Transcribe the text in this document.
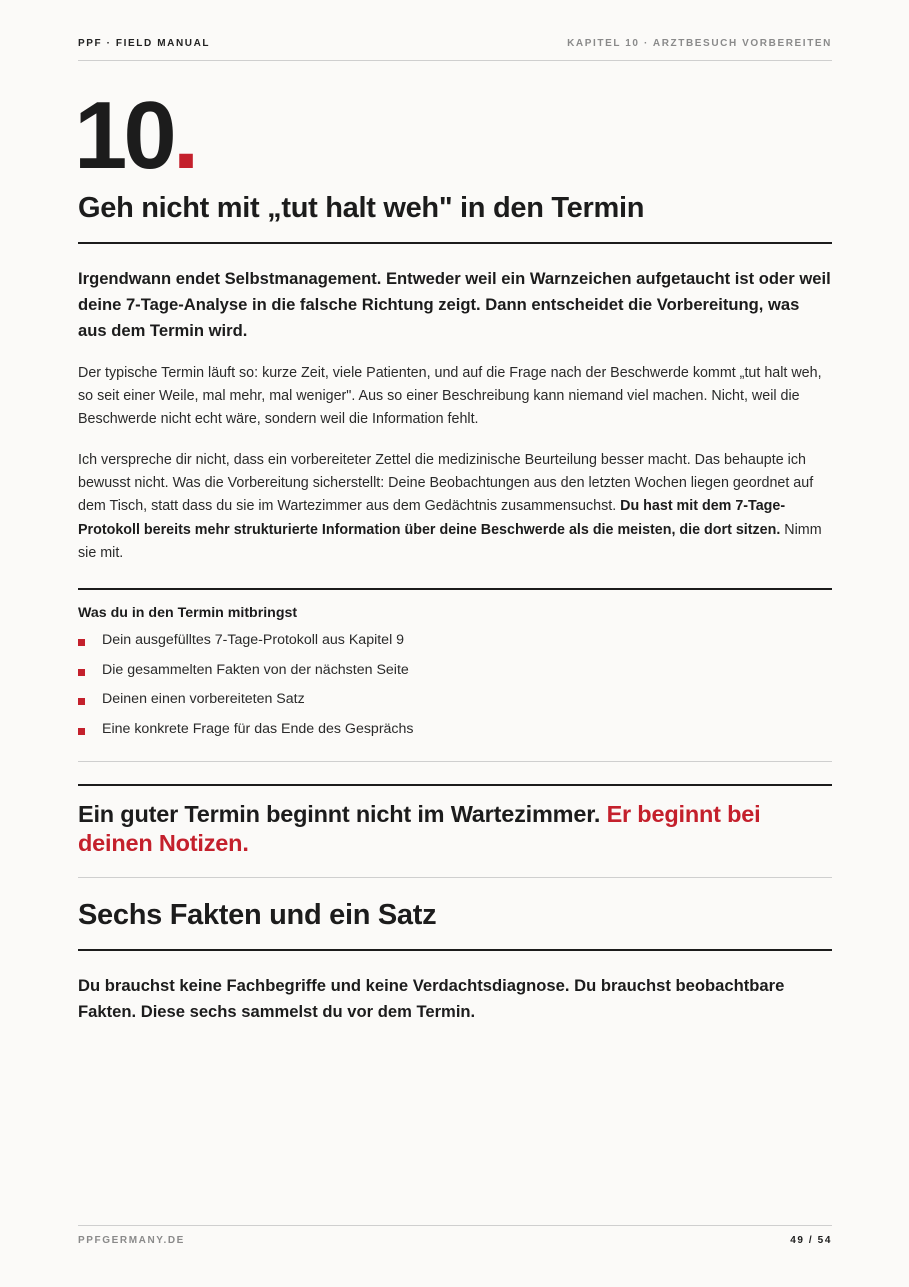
PPF · FIELD MANUAL	KAPITEL 10 · ARZTBESUCH VORBEREITEN
10.
Geh nicht mit „tut halt weh" in den Termin

Irgendwann endet Selbstmanagement. Entweder weil ein Warnzeichen aufgetaucht ist oder weil deine 7-Tage-Analyse in die falsche Richtung zeigt. Dann entscheidet die Vorbereitung, was aus dem Termin wird.

Der typische Termin läuft so: kurze Zeit, viele Patienten, und auf die Frage nach der Beschwerde kommt „tut halt weh, so seit einer Weile, mal mehr, mal weniger". Aus so einer Beschreibung kann niemand viel machen. Nicht, weil die Beschwerde nicht echt wäre, sondern weil die Information fehlt.

Ich verspreche dir nicht, dass ein vorbereiteter Zettel die medizinische Beurteilung besser macht. Das behaupte ich bewusst nicht. Was die Vorbereitung sicherstellt: Deine Beobachtungen aus den letzten Wochen liegen geordnet auf dem Tisch, statt dass du sie im Wartezimmer aus dem Gedächtnis zusammensuchst. Du hast mit dem 7-Tage-Protokoll bereits mehr strukturierte Information über deine Beschwerde als die meisten, die dort sitzen. Nimm sie mit.

Was du in den Termin mitbringst
Dein ausgefülltes 7-Tage-Protokoll aus Kapitel 9
Die gesammelten Fakten von der nächsten Seite
Deinen einen vorbereiteten Satz
Eine konkrete Frage für das Ende des Gesprächs

Ein guter Termin beginnt nicht im Wartezimmer. Er beginnt bei deinen Notizen.

Sechs Fakten und ein Satz

Du brauchst keine Fachbegriffe und keine Verdachtsdiagnose. Du brauchst beobachtbare Fakten. Diese sechs sammelst du vor dem Termin.

PPFGERMANY.DE	49 / 54
